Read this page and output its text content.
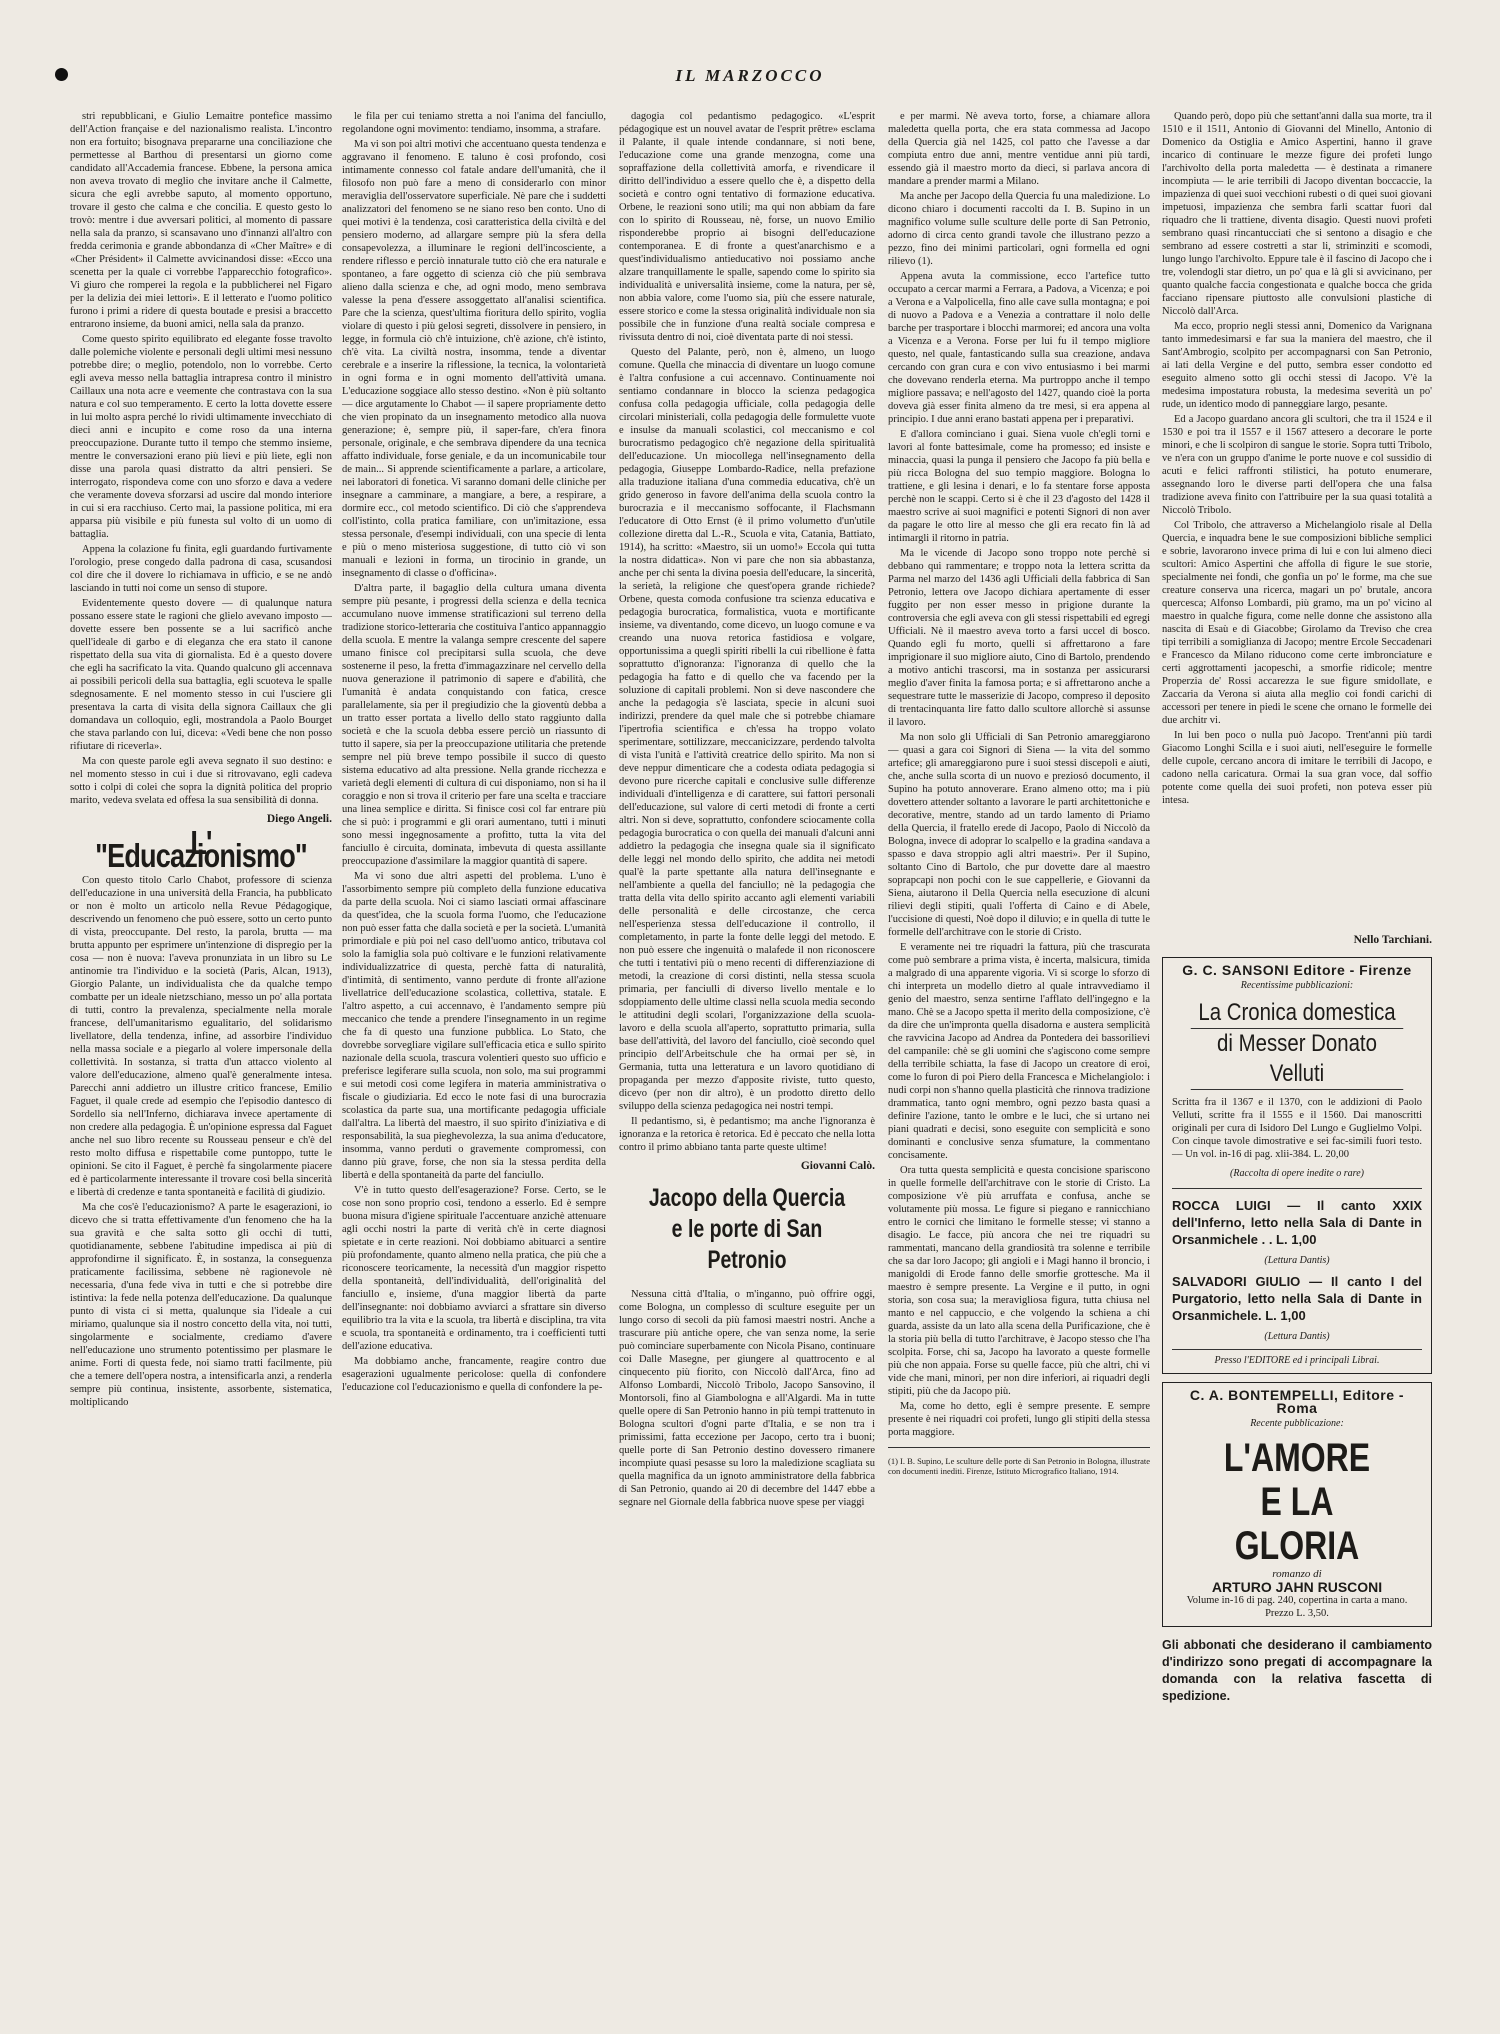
IL MARZOCCO

stri repubblicani, e Giulio Lemaitre pontefice massimo dell'Action française e del nazionalismo realista. L'incontro non era fortuito; bisognava prepararne una conciliazione che permettesse al Barthou di presentarsi un giorno come candidato all'Accademia francese. Ebbene, la persona amica non aveva trovato di meglio che invitare anche il Calmette, sicura che egli avrebbe saputo, al momento opportuno, trovare il gesto che calma e che concilia. E questo gesto lo trovò: mentre i due avversari politici, al momento di passare nella sala da pranzo, si scansavano uno d'innanzi all'altro con fredda cerimonia e grande abbondanza di «Cher Maître» e di «Cher Président» il Calmette avvicinandosi disse: «Ecco una scenetta per la quale ci vorrebbe l'apparecchio fotografico». Vi giuro che romperei la regola e la pubblicherei nel Figaro per la delizia dei miei lettori». E il letterato e l'uomo politico furono i primi a ridere di questa boutade e presisi a braccetto entrarono insieme, da buoni amici, nella sala da pranzo.

Come questo spirito equilibrato ed elegante fosse travolto dalle polemiche violente e personali degli ultimi mesi nessuno potrebbe dire; o meglio, potendolo, non lo vorrebbe. Certo egli aveva messo nella battaglia intrapresa contro il ministro Caillaux una nota acre e veemente che contrastava con la sua natura e col suo temperamento. E certo la lotta dovette essere in lui molto aspra perché lo rividi ultimamente invecchiato di dieci anni e incupito e come roso da una interna preoccupazione. Durante tutto il tempo che stemmo insieme, mentre le conversazioni erano più lievi e più liete, egli non disse una parola quasi distratto da altri pensieri. Se interrogato, rispondeva come con uno sforzo e dava a vedere che veramente doveva sforzarsi ad uscire dal mondo interiore in cui si era racchiuso. Certo mai, la passione politica, mi era apparsa più visibile e più funesta sul volto di un uomo di battaglia.

Appena la colazione fu finita, egli guardando furtivamente l'orologio, prese congedo dalla padrona di casa, scusandosi col dire che il dovere lo richiamava in ufficio, e se ne andò lasciando in tutti noi come un senso di stupore.

Evidentemente questo dovere — di qualunque natura possano essere state le ragioni che glielo avevano imposto — dovette essere ben possente se a lui sacrificò anche quell'ideale di garbo e di eleganza che era stato il canone rispettato della sua vita di giornalista. Ed è a questo dovere che egli ha sacrificato la vita. Quando qualcuno gli accennava ai possibili pericoli della sua battaglia, egli scuoteva le spalle sdegnosamente. E nel momento stesso in cui l'usciere gli presentava la carta di visita della signora Caillaux che gli domandava un colloquio, egli, mostrandola a Paolo Bourget che stava parlando con lui, diceva: «Vedi bene che non posso rifiutare di riceverla».

Ma con queste parole egli aveva segnato il suo destino: e nel momento stesso in cui i due si ritrovavano, egli cadeva sotto i colpi di colei che sopra la dignità politica del proprio marito, vedeva svelata ed offesa la sua sensibilità di donna.

Diego Angeli.
L' "Educazionismo"

Con questo titolo Carlo Chabot, professore di scienza dell'educazione in una università della Francia, ha pubblicato or non è molto un articolo nella Revue Pédagogique, descrivendo un fenomeno che può essere, sotto un certo punto di vista, preoccupante. Del resto, la parola, brutta — ma brutta appunto per esprimere un'intenzione di dispregio per la cosa — non è nuova: l'aveva pronunziata in un libro su Le antinomie tra l'individuo e la società (Paris, Alcan, 1913), Giorgio Palante, un individualista che da qualche tempo combatte per un ideale nietzschiano, messo un po' alla portata di tutti, contro la prevalenza, specialmente nella morale francese, dell'umanitarismo egualitario, del solidarismo livellatore, della tendenza, infine, ad assorbire l'individuo nella massa sociale e a piegarlo al volere impersonale della collettività. In sostanza, si tratta d'un attacco violento al valore dell'educazione, almeno qual'è generalmente intesa. Parecchi anni addietro un illustre critico francese, Emilio Faguet, il quale crede ad esempio che l'episodio dantesco di Sordello sia nell'Inferno, dichiarava invece apertamente di non credere alla pedagogia. È un'opinione espressa dal Faguet anche nel suo libro recente su Rousseau penseur e ch'è del resto molto diffusa e rispettabile come puntoppo, tutte le opinioni. Se cito il Faguet, è perchè fa singolarmente piacere ed è particolarmente interessante il trovare così bella sincerità e libertà di credenze e tanta spontaneità e facilità di giudizio.

Ma che cos'è l'educazionismo? A parte le esagerazioni, io dicevo che si tratta effettivamente d'un fenomeno che ha la sua gravità e che salta sotto gli occhi di tutti, quotidianamente, sebbene l'abitudine impedisca ai più di approfondirne il significato. È, in sostanza, la conseguenza praticamente facilissima, sebbene nè ragionevole nè necessaria, d'una fede viva in tutti e che si potrebbe dire istintiva: la fede nella potenza dell'educazione. Da qualunque punto di vista ci si metta, qualunque sia l'ideale a cui miriamo, qualunque sia il nostro concetto della vita, noi tutti, singolarmente e socialmente, crediamo d'avere nell'educazione uno strumento potentissimo per plasmare le anime. Forti di questa fede, noi siamo tratti facilmente, più che a temere dell'opera nostra, a intensificarla anzi, a renderla sempre più continua, insistente, assorbente, sistematica, moltiplicando

le fila per cui teniamo stretta a noi l'anima del fanciullo, regolandone ogni movimento: tendiamo, insomma, a strafare.

Ma vi son poi altri motivi che accentuano questa tendenza e aggravano il fenomeno. E taluno è così profondo, così intimamente connesso col fatale andare dell'umanità, che il filosofo non può fare a meno di considerarlo con minor meraviglia dell'osservatore superficiale. Nè pare che i suddetti analizzatori del fenomeno se ne siano reso ben conto. Uno di quei motivi è la tendenza, così caratteristica della civiltà e del pensiero moderno, ad allargare sempre più la sfera della consapevolezza, a illuminare le regioni dell'incosciente, a rendere riflesso e perciò innaturale tutto ciò che era naturale e spontaneo, a fare oggetto di scienza ciò che più sembrava alieno dalla scienza e che, ad ogni modo, meno sembrava valesse la pena d'essere assoggettato all'analisi scientifica. Pare che la scienza, quest'ultima fioritura dello spirito, voglia violare di questo i più gelosi segreti, dissolvere in pensiero, in legge, in formula ciò ch'è intuizione, ch'è azione, ch'è istinto, ch'è vita. La civiltà nostra, insomma, tende a diventar cerebrale e a inserire la riflessione, la tecnica, la volontarietà in ogni forma e in ogni momento dell'attività umana. L'educazione soggiace allo stesso destino. «Non è più soltanto — dice argutamente lo Chabot — il sapere propriamente detto che vien propinato da un insegnamento metodico alla nuova generazione; è, sempre più, il saper-fare, ch'era finora personale, originale, e che sembrava dipendere da una tecnica affatto individuale, forse geniale, e da un incomunicabile tour de main... Si apprende scientificamente a parlare, a articolare, nei laboratori di fonetica. Vi saranno domani delle cliniche per insegnare a camminare, a mangiare, a bere, a respirare, a dormire ecc., col metodo scientifico. Di ciò che s'apprendeva coll'istinto, colla pratica familiare, con un'imitazione, essa stessa personale, d'esempi individuali, con una specie di lenta e più o meno misteriosa suggestione, di tutto ciò vi son manuali e lezioni in forma, un tirocinio in grande, un insegnamento di classe o d'officina».

D'altra parte, il bagaglio della cultura umana diventa sempre più pesante, i progressi della scienza e della tecnica accumulano nuove immense stratificazioni sul terreno della tradizione storico-letteraria che costituiva l'antico appannaggio della scuola. E mentre la valanga sempre crescente del sapere umano finisce col precipitarsi sulla scuola, che deve sostenerne il peso, la fretta d'immagazzinare nel cervello della nuova generazione il patrimonio di sapere e d'abilità, che l'umanità è andata conquistando con fatica, cresce parallelamente, sia per il pregiudizio che la gioventù debba a un tratto esser portata a livello dello stato raggiunto dalla società e che la scuola debba essere perciò un riassunto di tutto il sapere, sia per la preoccupazione utilitaria che pretende sempre nel più breve tempo possibile il succo di questo sistema educativo ad alta pressione. Nella grande ricchezza e varietà degli elementi di cultura di cui disponiamo, non si ha il coraggio e non si trova il criterio per fare una scelta e tracciare una linea semplice e diritta. Si finisce così col far entrare più che si può: i programmi e gli orari aumentano, tutti i minuti sono messi ingegnosamente a profitto, tutta la vita del fanciullo è circuita, dominata, imbevuta di questa assillante preoccupazione d'assimilare la maggior quantità di sapere.

Ma vi sono due altri aspetti del problema. L'uno è l'assorbimento sempre più completo della funzione educativa da parte della scuola. Noi ci siamo lasciati ormai affascinare da quest'idea, che la scuola forma l'uomo, che l'educazione non può esser fatta che dalla società e per la società. L'umanità primordiale e più poi nel caso dell'uomo antico, tributava col solo la famiglia sola può coltivare e le funzioni relativamente individualizzatrice di questa, perchè fatta di naturalità, d'intimità, di sentimento, vanno perdute di fronte all'azione livellatrice dell'educazione scolastica, collettiva, statale. E l'altro aspetto, a cui accennavo, è l'andamento sempre più meccanico che tende a prendere l'insegnamento in un regime che fa di questo una funzione pubblica. Lo Stato, che dovrebbe sorvegliare vigilare sull'efficacia etica e sullo spirito nazionale della scuola, trascura volentieri questo suo ufficio e preferisce legiferare sulla scuola, non solo, ma sui programmi e sui metodi così come legifera in materia amministrativa o fiscale o giudiziaria. Ed ecco le note fasi di una burocrazia scolastica da parte sua, una mortificante pedagogia ufficiale dall'altra. La libertà del maestro, il suo spirito d'iniziativa e di responsabilità, la sua pieghevolezza, la sua anima d'educatore, insomma, vanno perduti o gravemente compromessi, con danno più grave, forse, che non sia la stessa perdita della libertà e della spontaneità da parte del fanciullo.

V'è in tutto questo dell'esagerazione? Forse. Certo, se le cose non sono proprio così, tendono a esserlo. Ed è sempre buona misura d'igiene spirituale l'accentuare anzichè attenuare agli occhi nostri la parte di verità ch'è in certe diagnosi spietate e in certe reazioni. Noi dobbiamo abituarci a sentire più profondamente, quanto almeno nella pratica, che più che a riconoscere teoricamente, la necessità d'un maggior rispetto della spontaneità, dell'individualità, dell'originalità del fanciullo e, insieme, d'una maggior libertà da parte dell'insegnante: noi dobbiamo avviarci a sfrattare sin diverso equilibrio tra la vita e la scuola, tra libertà e disciplina, tra vita e scuola, tra spontaneità e ordinamento, tra i coefficienti tutti dell'azione educativa.

Ma dobbiamo anche, francamente, reagire contro due esagerazioni ugualmente pericolose: quella di confondere l'educazione col l'educazionismo e quella di confondere la pe-

dagogia col pedantismo pedagogico. «L'esprit pédagogique est un nouvel avatar de l'esprit prêtre» esclama il Palante, il quale intende condannare, si noti bene, l'educazione come una grande menzogna, come una sopraffazione della collettività amorfa, e rivendicare il diritto dell'individuo a essere quello che è, a dispetto della società e contro ogni tentativo di formazione educativa. Orbene, le reazioni sono utili; ma qui non abbiam da fare con lo spirito di Rousseau, nè, forse, un nuovo Emilio risponderebbe proprio ai bisogni dell'educazione contemporanea. E di fronte a quest'anarchismo e a quest'individualismo antieducativo noi possiamo anche alzare tranquillamente le spalle, sapendo come lo spirito sia individualità e universalità insieme, come la natura, per sè, non abbia valore, come l'uomo sia, più che essere naturale, essere storico e come la stessa originalità individuale non sia possibile che in funzione d'una realtà sociale compresa e rivissuta dentro di noi, cioè diventata parte di noi stessi.

Questo del Palante, però, non è, almeno, un luogo comune. Quella che minaccia di diventare un luogo comune è l'altra confusione a cui accennavo. Continuamente noi sentiamo condannare in blocco la scienza pedagogica confusa colla pedagogia ufficiale, colla pedagogia delle circolari ministeriali, colla pedagogia delle formulette vuote e insulse da manuali scolastici, col meccanismo e col burocratismo pedagogico ch'è negazione della spiritualità dell'educazione. Un miocollega nell'insegnamento della pedagogia, Giuseppe Lombardo-Radice, nella prefazione alla traduzione italiana d'una commedia educativa, ch'è un grido generoso in favore dell'anima della scuola contro la burocrazia e il meccanismo soffocante, il Flachsmann l'educatore di Otto Ernst (è il primo volumetto d'un'utile collezione diretta dal L.-R., Scuola e vita, Catania, Battiato, 1914), ha scritto: «Maestro, sii un uomo!» Eccola qui tutta la nostra didattica». Non vi pare che non sia abbastanza, anche per chi senta la divina poesia dell'educare, la sincerità, la serietà, la religione che quest'opera grande richiede? Orbene, questa comoda confusione tra scienza educativa e pedagogia burocratica, formalistica, vuota e mortificante insieme, va diventando, come dicevo, un luogo comune e va creando una nuova retorica fastidiosa e volgare, opportunissima a quegli spiriti ribelli la cui ribellione è fatta soprattutto d'ignoranza: l'ignoranza di quello che la pedagogia ha fatto e di quello che va facendo per la soluzione di capitali problemi. Non si deve nascondere che anche la pedagogia s'è lasciata, specie in alcuni suoi indirizzi, prendere da quel male che si potrebbe chiamare l'ipertrofia scientifica e ch'essa ha troppo volato sperimentare, sottilizzare, meccanicizzare, perdendo talvolta di vista l'unità e l'attività creatrice dello spirito. Ma non si deve neppur dimenticare che a codesta odiata pedagogia si devono pure ricerche capitali e conclusive sulle differenze individuali d'intelligenza e di carattere, sui fattori personali dell'educazione, sul valore di certi metodi di fronte a certi altri. Non si deve, soprattutto, confondere sciocamente colla pedagogia burocratica o con quella dei manuali d'alcuni anni addietro la pedagogia che insegna quale sia il significato delle leggi nel mondo dello spirito, che addita nei metodi qual'è la parte spettante alla natura dell'insegnante e nell'ambiente a quella del fanciullo; nè la pedagogia che tratta della vita dello spirito accanto agli elementi variabili delle personalità e delle circostanze, che cerca nell'esperienza stessa dell'educazione il controllo, il completamento, in parte la fonte delle leggi del metodo. E non può essere che ingenuità o malafede il non riconoscere che tutti i tentativi più o meno recenti di differenziazione di metodi, la creazione di corsi distinti, nella stessa scuola primaria, per fanciulli di diverso livello mentale e lo sdoppiamento delle ultime classi nella scuola media secondo le attitudini degli scolari, l'organizzazione della scuola-lavoro e della scuola all'aperto, soprattutto primaria, sulla base dell'attività, del lavoro del fanciullo, cioè secondo quel principio dell'Arbeitschule che ha ormai per sè, in Germania, tutta una letteratura e un lavoro quotidiano di propaganda per mezzo d'apposite riviste, tutto questo, dicevo (per non dir altro), è un prodotto diretto dello sviluppo della scienza pedagogica nei nostri tempi.

Il pedantismo, sì, è pedantismo; ma anche l'ignoranza è ignoranza e la retorica è retorica. Ed è peccato che nella lotta contro il primo abbiano tanta parte queste ultime!

Giovanni Calò.
Jacopo della Quercia
e le porte di San Petronio

Nessuna città d'Italia, o m'inganno, può offrire oggi, come Bologna, un complesso di sculture eseguite per un lungo corso di secoli da più famosi maestri nostri. Anche a trascurare più antiche opere, che van senza nome, la serie può cominciare superbamente con Nicola Pisano, continuare coi Dalle Masegne, per giungere al quattrocento e al cinquecento più fiorito, con Niccolò dall'Arca, fino ad Alfonso Lombardi, Niccolò Tribolo, Jacopo Sansovino, il Montorsoli, fino al Giambologna e all'Algardi. Ma in tutte quelle opere di San Petronio hanno in più tempi trattenuto in Bologna scultori d'ogni parte d'Italia, e se non tra i primissimi, fatta eccezione per Jacopo, certo tra i buoni; quelle porte di San Petronio destino dovessero rimanere incompiute quasi pesasse su loro la maledizione scagliata su quella magnifica da un ignoto amministratore della fabbrica di San Petronio, quando ai 20 di decembre del 1447 ebbe a segnare nel Giornale della fabbrica nuove spese per viaggi

e per marmi. Nè aveva torto, forse, a chiamare allora maledetta quella porta, che era stata commessa ad Jacopo della Quercia già nel 1425, col patto che l'avesse a dar compiuta entro due anni, mentre ventidue anni più tardi, essendo già il maestro morto da dieci, si parlava ancora di mandare a prender marmi a Milano.

Ma anche per Jacopo della Quercia fu una maledizione. Lo dicono chiaro i documenti raccolti da I. B. Supino in un magnifico volume sulle sculture delle porte di San Petronio, adorno di circa cento grandi tavole che illustrano pezzo a pezzo, fino dei minimi particolari, ogni formella ed ogni rilievo (1).

Appena avuta la commissione, ecco l'artefice tutto occupato a cercar marmi a Ferrara, a Padova, a Vicenza; e poi a Verona e a Valpolicella, fino alle cave sulla montagna; e poi di nuovo a Padova e a Venezia a contrattare il nolo delle barche per trasportare i blocchi marmorei; ed ancora una volta a Vicenza e a Verona. Forse per lui fu il tempo migliore questo, nel quale, fantasticando sulla sua creazione, andava cercando con gran cura e con vivo entusiasmo i bei marmi che dovevano renderla eterna. Ma purtroppo anche il tempo migliore passava; e nell'agosto del 1427, quando cioè la porta doveva già esser finita almeno da tre mesi, si era appena al principio. I due anni erano bastati appena per i preparativi.

E d'allora cominciano i guai. Siena vuole ch'egli torni e lavori al fonte battesimale, come ha promesso; ed insiste e minaccia, quasi la punga il pensiero che Jacopo fa più bella e più ricca Bologna del suo tempio maggiore. Bologna lo trattiene, e gli lesina i denari, e lo fa stentare forse apposta perchè non le scappi. Certo si è che il 23 d'agosto del 1428 il maestro scrive ai suoi magnifici e potenti Signori di non aver da pagare le otto lire al messo che gli era recato fin là ad intimargli il ritorno in patria.

Ma le vicende di Jacopo sono troppo note perchè si debbano qui rammentare; e troppo nota la lettera scritta da Parma nel marzo del 1436 agli Ufficiali della fabbrica di San Petronio, lettera ove Jacopo dichiara apertamente di esser fuggito per non esser messo in prigione durante la controversia che egli aveva con gli stessi rispettabili ed egregi Ufficiali. Nè il maestro aveva torto a farsi uccel di bosco. Quando egli fu morto, quelli si affrettarono a fare imprigionare il suo migliore aiuto, Cino di Bartolo, prendendo a motivo antichi trascorsi, ma in sostanza per assicurarsi meglio d'aver finita la famosa porta; e si affrettarono anche a sequestrare tutte le masserizie di Jacopo, compreso il deposito di trentacinquanta lire fatto dallo scultore allorchè si assunse il lavoro.

Ma non solo gli Ufficiali di San Petronio amareggiarono — quasi a gara coi Signori di Siena — la vita del sommo artefice; gli amareggiarono pure i suoi stessi discepoli e aiuti, che, anche sulla scorta di un nuovo e preziosó documento, il Supino ha potuto annoverare. Erano almeno otto; ma i più dovettero attender soltanto a lavorare le parti architettoniche e decorative, mentre, stando ad un tardo lamento di Priamo della Quercia, il fratello erede di Jacopo, Paolo di Niccolò da Bologna, invece di adoprar lo scalpello e la gradina «andava a spasso e dava stroppio agli altri maestri». Per il Supino, soltanto Cino di Bartolo, che pur dovette dare al maestro soprapcapi non pochi con le sue cappellerie, e Giovanni da Siena, aiutarono il Della Quercia nella esecuzione di alcuni rilievi degli stipiti, quali l'offerta di Caino e di Abele, l'uccisione di questi, Noè dopo il diluvio; e in quella di tutte le formelle dell'architrave con le storie di Cristo.

E veramente nei tre riquadri la fattura, più che trascurata come può sembrare a prima vista, è incerta, malsicura, timida a malgrado di una apparente vigoria. Vi si scorge lo sforzo di chi interpreta un modello dietro al quale intravvediamo il genio del maestro, senza sentirne l'afflato dell'ingegno e la mano. Chè se a Jacopo spetta il merito della composizione, c'è da dire che un'impronta quella disadorna e austera semplicità che ravvicina Jacopo ad Andrea da Pontedera dei bassorilievi del campanile: chè se gli uomini che s'agiscono come sempre della terribile schiatta, la fase di Jacopo un creatore di eroi, come lo furon di poi Piero della Francesca e Michelangiolo: i nudi corpi non s'hanno quella plasticità che rinnova tradizione drammatica, tanto ogni membro, ogni pezzo basta quasi a definire l'azione, tanto le ombre e le luci, che si urtano nei piani quadrati e decisi, sono eseguite con semplicità e sono dominanti e conclusive senza sfumature, la commentano concisamente.

Ora tutta questa semplicità e questa concisione spariscono in quelle formelle dell'architrave con le storie di Cristo. La composizione v'è più arruffata e confusa, anche se volutamente più mossa. Le figure si piegano e rannicchiano entro le cornici che limitano le formelle stesse; vi stanno a disagio. Le facce, più ancora che nei tre riquadri su rammentati, mancano della grandiosità tra solenne e terribile che sa dar loro Jacopo; gli angioli e i Magi hanno il broncio, i manigoldi di Erode fanno delle smorfie grottesche. Ma il maestro è sempre presente. La Vergine e il putto, in ogni storia, son cosa sua; la meravigliosa figura, tutta chiusa nel manto e nel cappuccio, e che volgendo la schiena a chi guarda, assiste da un lato alla scena della Purificazione, che è la storia più bella di tutto l'architrave, è Jacopo stesso che l'ha scolpita. Forse, chi sa, Jacopo ha lavorato a queste formelle più che non appaia. Forse su quelle facce, più che altri, chi vi vide che mani, minori, per non dire inferiori, ai riquadri degli stipiti, più che da Jacopo più.

Ma, come ho detto, egli è sempre presente. E sempre presente è nei riquadri coi profeti, lungo gli stipiti della stessa porta maggiore.

(1) I. B. Supino, Le sculture delle porte di San Petronio in Bologna, illustrate con documenti inediti. Firenze, Istituto Micrografico Italiano, 1914.

Quando però, dopo più che settant'anni dalla sua morte, tra il 1510 e il 1511, Antonio di Giovanni del Minello, Antonio di Domenico da Ostiglia e Amico Aspertini, hanno il grave incarico di continuare le mezze figure dei profeti lungo l'archivolto della porta maledetta — è destinata a rimanere incompiuta — le arie terribili di Jacopo diventan boccaccie, la impazienza di quei suoi vecchioni rubesti o di quei suoi giovani impetuosi, impazienza che sembra farli scattar fuori dal riquadro che li trattiene, diventa disagio. Questi nuovi profeti sembrano quasi rincantucciati che si sentono a disagio e che sembrano ad essere costretti a star li, striminziti e scomodi, lungo lungo l'archivolto. Eppure tale è il fascino di Jacopo che i tre, volendogli star dietro, un po' qua e là gli si avvicinano, per quanto qualche faccia congestionata e qualche bocca che grida facciano ripensare piuttosto alle convulsioni plastiche di Niccolò dall'Arca.

Ma ecco, proprio negli stessi anni, Domenico da Varignana tanto immedesimarsi e far sua la maniera del maestro, che il Sant'Ambrogio, scolpito per accompagnarsi con San Petronio, ai lati della Vergine e del putto, sembra esser condotto ed eseguito almeno sotto gli occhi stessi di Jacopo. V'è la medesima impostatura robusta, la medesima severità un po' rude, un identico modo di panneggiare largo, pesante.

Ed a Jacopo guardano ancora gli scultori, che tra il 1524 e il 1530 e poi tra il 1557 e il 1567 attesero a decorare le porte minori, e che li scolpiron di sangue le storie. Sopra tutti Tribolo, ve n'era con un gruppo d'anime le porte nuove e col sussidio di acuti e felici raffronti stilistici, ha potuto enumerare, assegnando loro le diverse parti dell'opera che una falsa tradizione aveva finito con l'attribuire per la sua quasi totalità a Niccolò Tribolo.

Col Tribolo, che attraverso a Michelangiolo risale al Della Quercia, e inquadra bene le sue composizioni bibliche semplici e sobrie, lavorarono invece prima di lui e con lui almeno dieci scultori: Amico Aspertini che affolla di figure le sue storie, specialmente nei fondi, che gonfia un po' le forme, ma che sue creature conserva una ricerca, magari un po' brutale, ancora quercesca; Alfonso Lombardi, più gramo, ma un po' vicino al maestro in qualche figura, come nelle donne che assistono alla nascita di Esaù e di Giacobbe; Girolamo da Treviso che crea tipi terribili a somiglianza di Jacopo; mentre Ercole Seccadenari e Francesco da Milano riducono come certe imbronciature e certi aggrottamenti jacopeschi, a smorfie ridicole; mentre Properzia de' Rossi accarezza le sue figure smidollate, e Zaccaria da Verona si aiuta alla meglio coi fondi carichi di accessori per tenere in piedi le scene che ornano le formelle dei due architr vi.

In lui ben poco o nulla può Jacopo. Trent'anni più tardi Giacomo Longhi Scilla e i suoi aiuti, nell'eseguire le formelle delle cupole, cercano ancora di imitare le terribili di Jacopo, e cadono nella caricatura. Ormai la sua gran voce, dal soffio potente come quella dei suoi profeti, non poteva esser più intesa.

Nello Tarchiani.
G. C. SANSONI Editore - Firenze
Recentissime pubblicazioni:
La Cronica domestica
di Messer Donato Velluti
Scritta fra il 1367 e il 1370, con le addizioni di Paolo Velluti, scritte fra il 1555 e il 1560. Dai manoscritti originali per cura di Isidoro Del Lungo e Guglielmo Volpi. Con cinque tavole dimostrative e sei fac-simili fuori testo. — Un vol. in-16 di pag. xlii-384. L. 20,00
(Raccolta di opere inedite o rare)
ROCCA LUIGI — Il canto XXIX dell'Inferno, letto nella Sala di Dante in Orsanmichele . . L. 1,00
(Lettura Dantis)
SALVADORI GIULIO — Il canto I del Purgatorio, letto nella Sala di Dante in Orsanmichele. L. 1,00
(Lettura Dantis)
Presso l'EDITORE ed i principali Librai.
C. A. BONTEMPELLI, Editore - Roma
Recente pubblicazione:
L'AMORE
E LA GLORIA
romanzo di
ARTURO JAHN RUSCONI
Volume in-16 di pag. 240, copertina in carta a mano. Prezzo L. 3,50.
Gli abbonati che desiderano il cambiamento d'indirizzo sono pregati di accompagnare la domanda con la relativa fascetta di spedizione.
